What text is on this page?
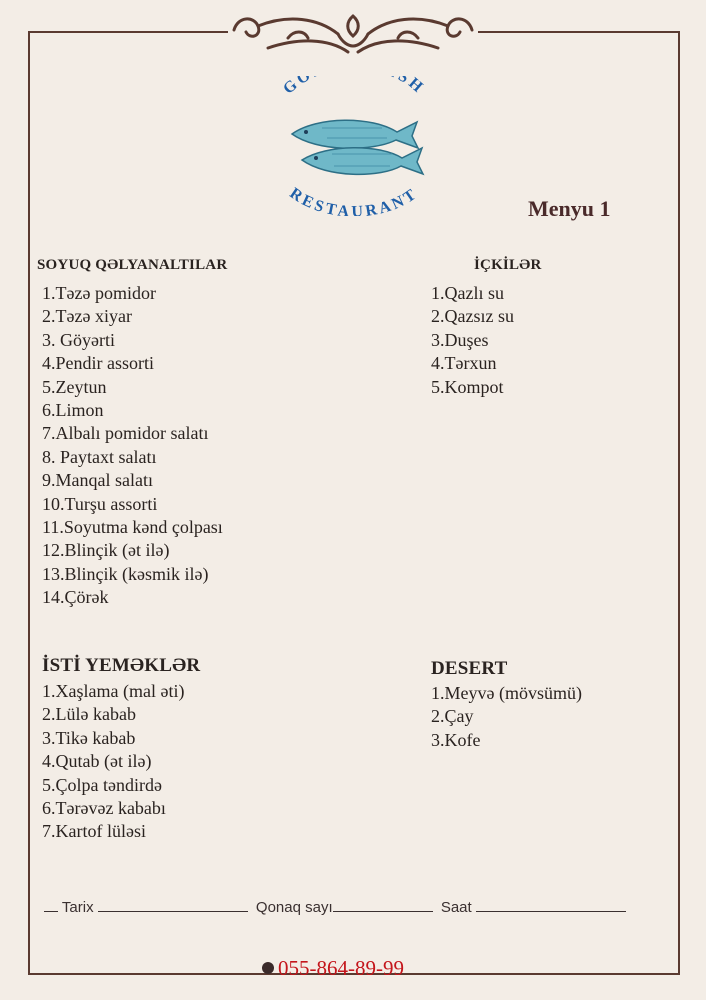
GO SH
RESTAURANT
Menyu 1
SOYUQ QƏLYANALTILAR
1.Təzə pomidor
2.Təzə xiyar
3. Göyərti
4.Pendir assorti
5.Zeytun
6.Limon
7.Albalı pomidor salatı
8. Paytaxt salatı
9.Manqal salatı
10.Turşu assorti
11.Soyutma kənd çolpası
12.Blinçik (ət ilə)
13.Blinçik (kəsmik ilə)
14.Çörək
İÇKİLƏR
1.Qazlı su
2.Qazsız su
3.Duşes
4.Tərxun
5.Kompot
İSTİ YEMƏKLƏR
1.Xaşlama (mal əti)
2.Lülə kabab
3.Tikə kabab
4.Qutab (ət ilə)
5.Çolpa təndirdə
6.Tərəvəz kababı
7.Kartof lüləsi
DESERT
1.Meyvə (mövsümü)
2.Çay
3.Kofe
Tarix	Qonaq sayı	Saat
055-864-89-99
